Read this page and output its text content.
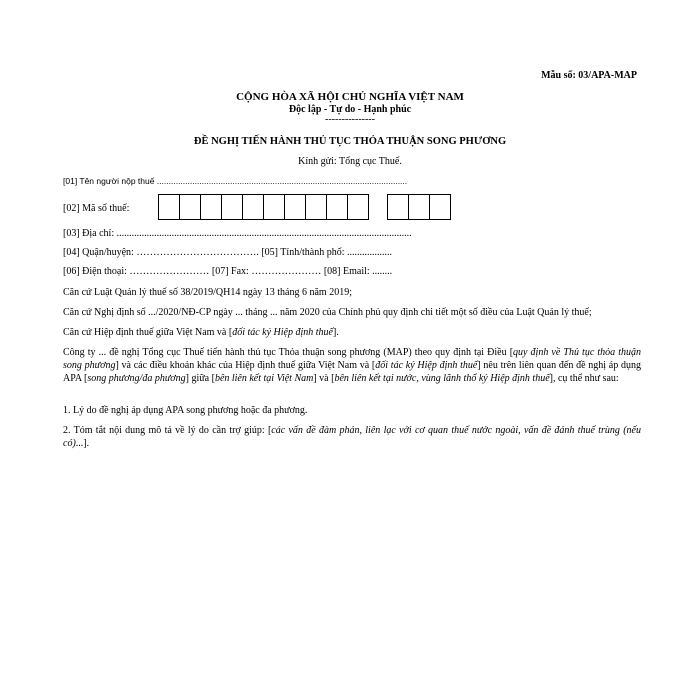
Mẫu số: 03/APA-MAP
CỘNG HÒA XÃ HỘI CHỦ NGHĨA VIỆT NAM
Độc lập - Tự do - Hạnh phúc
---------------
ĐỀ NGHỊ TIẾN HÀNH THỦ TỤC THỎA THUẬN SONG PHƯƠNG
Kính gửi: Tổng cục Thuế.
[01] Tên người nộp thuế ..........................................................................................................
[02] Mã số thuế:
[03] Địa chỉ: ......................................................................................................................
[04] Quận/huyện: ………………………………. [05] Tỉnh/thành phố: ..................
[06] Điện thoại: …………………… [07] Fax: ………………… [08] Email: ........
Căn cứ Luật Quản lý thuế số 38/2019/QH14 ngày 13 tháng 6 năm 2019;
Căn cứ Nghị định số .../2020/NĐ-CP ngày ... tháng ... năm 2020 của Chính phủ quy định chi tiết một số điều của Luật Quản lý thuế;
Căn cứ Hiệp định thuế giữa Việt Nam và [đối tác ký Hiệp định thuế].
Công ty ... đề nghị Tổng cục Thuế tiến hành thủ tục Thỏa thuận song phương (MAP) theo quy định tại Điều [quy định về Thủ tục thỏa thuận song phương] và các điều khoản khác của Hiệp định thuế giữa Việt Nam và [đối tác ký Hiệp định thuế] nêu trên liên quan đến đề nghị áp dụng APA [song phương/đa phương] giữa [bên liên kết tại Việt Nam] và [bên liên kết tại nước, vùng lãnh thổ ký Hiệp định thuế], cụ thể như sau:
1. Lý do đề nghị áp dụng APA song phương hoặc đa phương.
2. Tóm tắt nội dung mô tả về lý do cần trợ giúp: [các vấn đề đàm phán, liên lạc với cơ quan thuế nước ngoài, vấn đề đánh thuế trùng (nếu có)...].
